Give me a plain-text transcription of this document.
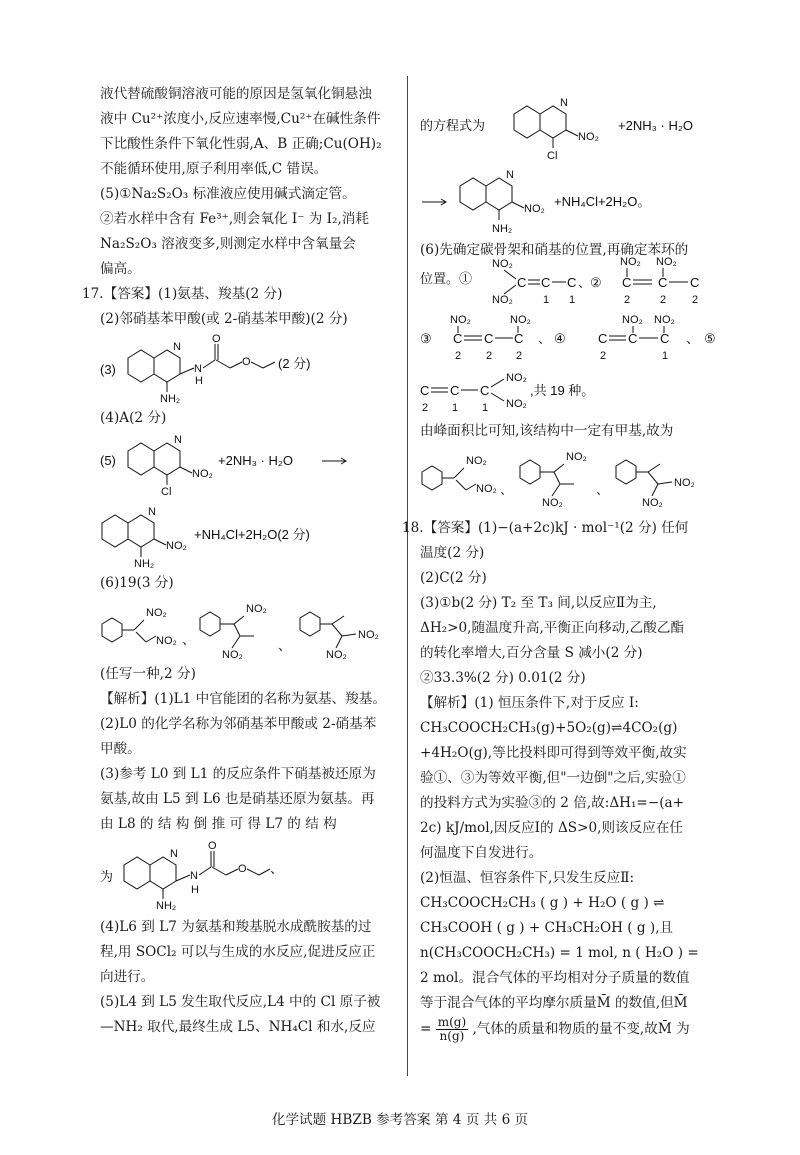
液代替硫酸铜溶液可能的原因是氢氧化铜悬浊
液中 Cu²⁺浓度小,反应速率慢,Cu²⁺在碱性条件
下比酸性条件下氧化性弱,A、B 正确;Cu(OH)₂
不能循环使用,原子利用率低,C 错误。
(5)①Na₂S₂O₃ 标准液应使用碱式滴定管。
②若水样中含有 Fe³⁺,则会氧化 I⁻ 为 I₂,消耗
Na₂S₂O₃ 溶液变多,则测定水样中含氧量会
偏高。
17.【答案】(1)氨基、羧基(2 分)
(2)邻硝基苯甲酸(或 2-硝基苯甲酸)(2 分)
(3)
N
N
H
O
O (2 分)
NH₂
(4)A(2 分)
(5)
N
NO₂
Cl
+2NH₃ · H₂O
N
NO₂
NH₂
+NH₄Cl+2H₂O(2 分)
(6)19(3 分)
NO₂
NO₂ 、
NO₂
NO₂
、
NO₂
NO₂
(任写一种,2 分)
【解析】(1)L1 中官能团的名称为氨基、羧基。
(2)L0 的化学名称为邻硝基苯甲酸或 2-硝基苯
甲酸。
(3)参考 L0 到 L1 的反应条件下硝基被还原为
氨基,故由 L5 到 L6 也是硝基还原为氨基。再
由 L8 的 结 构 倒 推 可 得 L7 的 结 构
为
N
N
H
O
O 、
NH₂
(4)L6 到 L7 为氨基和羧基脱水成酰胺基的过
程,用 SOCl₂ 可以与生成的水反应,促进反应正
向进行。
(5)L4 到 L5 发生取代反应,L4 中的 Cl 原子被
—NH₂ 取代,最终生成 L5、NH₄Cl 和水,反应
的方程式为
N
NO₂
Cl
+2NH₃ · H₂O
N
NO₂
NH₂
+NH₄Cl+2H₂O。
(6)先确定碳骨架和硝基的位置,再确定苯环的
位置。①
NO₂
NO₂
C C
1
C
1
、
②
NO₂
C
2
NO₂
C
2
C
2
③
NO₂
C
2
C
2
NO₂
C
2
、 ④ C
2
NO₂
C
NO₂
C
1
、 ⑤
C
2
C
1
C
1
NO₂
NO₂
,共 19 种。
由峰面积比可知,该结构中一定有甲基,故为
NO₂
NO₂ 、
NO₂
NO₂
、	NO₂
NO₂
18.【答案】(1)−(a+2c)kJ · mol⁻¹(2 分) 任何
温度(2 分)
(2)C(2 分)
(3)①b(2 分) T₂ 至 T₃ 间,以反应Ⅱ为主,
ΔH₂>0,随温度升高,平衡正向移动,乙酸乙酯
的转化率增大,百分含量 S 减小(2 分)
②33.3%(2 分) 0.01(2 分)
【解析】(1) 恒压条件下,对于反应 Ⅰ:
CH₃COOCH₂CH₃(g)+5O₂(g)⇌4CO₂(g)
+4H₂O(g),等比投料即可得到等效平衡,故实
验①、③为等效平衡,但"一边倒"之后,实验①
的投料方式为实验③的 2 倍,故:ΔH₁=−(a+
2c) kJ/mol,因反应Ⅰ的 ΔS>0,则该反应在任
何温度下自发进行。
(2)恒温、恒容条件下,只发生反应Ⅱ:
CH₃COOCH₂CH₃ ( g ) + H₂O ( g ) ⇌
CH₃COOH ( g ) + CH₃CH₂OH ( g ),且
n(CH₃COOCH₂CH₃) = 1 mol, n ( H₂O ) =
2 mol。混合气体的平均相对分子质量的数值
等于混合气体的平均摩尔质量M̄ 的数值,但M̄
= $\frac{m(g)}{n(g)}$ ,气体的质量和物质的量不变,故M̄ 为
化学试题 HBZB 参考答案 第 4 页 共 6 页
